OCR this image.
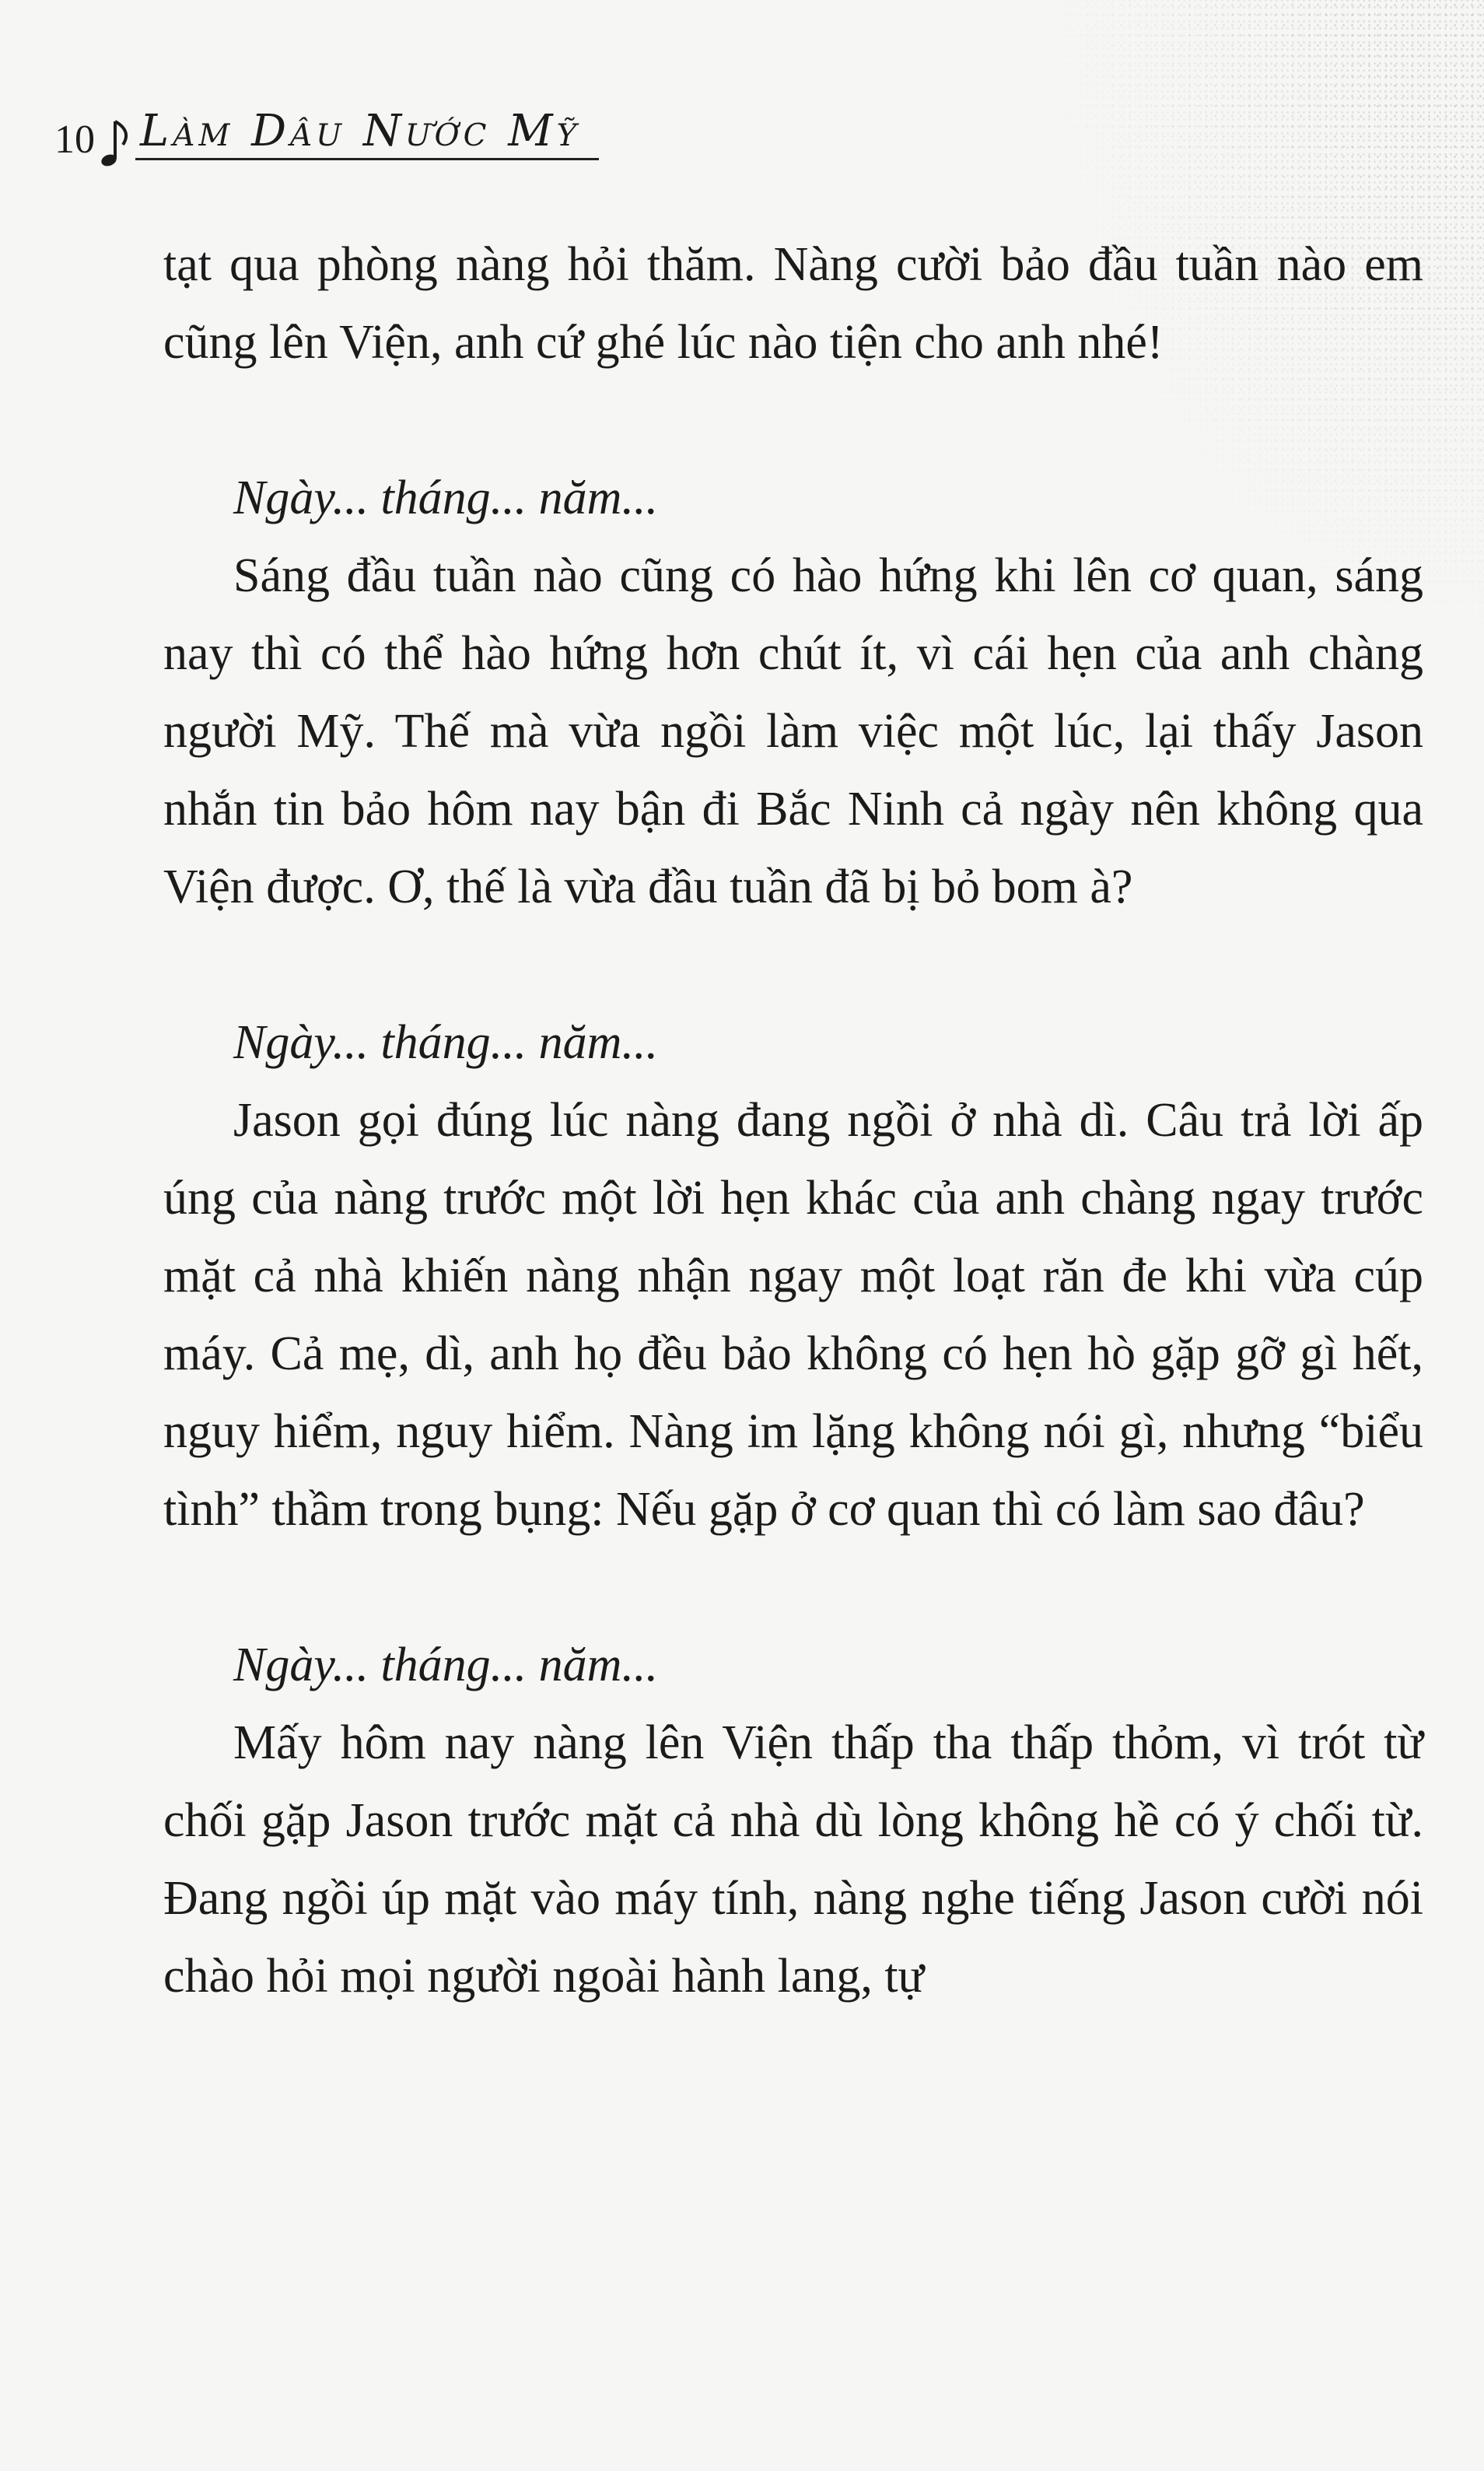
10 Làm Dâu Nước Mỹ

tạt qua phòng nàng hỏi thăm. Nàng cười bảo đầu tuần nào em cũng lên Viện, anh cứ ghé lúc nào tiện cho anh nhé!

Ngày... tháng... năm...

Sáng đầu tuần nào cũng có hào hứng khi lên cơ quan, sáng nay thì có thể hào hứng hơn chút ít, vì cái hẹn của anh chàng người Mỹ. Thế mà vừa ngồi làm việc một lúc, lại thấy Jason nhắn tin bảo hôm nay bận đi Bắc Ninh cả ngày nên không qua Viện được. Ơ, thế là vừa đầu tuần đã bị bỏ bom à?

Ngày... tháng... năm...

Jason gọi đúng lúc nàng đang ngồi ở nhà dì. Câu trả lời ấp úng của nàng trước một lời hẹn khác của anh chàng ngay trước mặt cả nhà khiến nàng nhận ngay một loạt răn đe khi vừa cúp máy. Cả mẹ, dì, anh họ đều bảo không có hẹn hò gặp gỡ gì hết, nguy hiểm, nguy hiểm. Nàng im lặng không nói gì, nhưng “biểu tình” thầm trong bụng: Nếu gặp ở cơ quan thì có làm sao đâu?

Ngày... tháng... năm...

Mấy hôm nay nàng lên Viện thấp tha thấp thỏm, vì trót từ chối gặp Jason trước mặt cả nhà dù lòng không hề có ý chối từ. Đang ngồi úp mặt vào máy tính, nàng nghe tiếng Jason cười nói chào hỏi mọi người ngoài hành lang, tự
